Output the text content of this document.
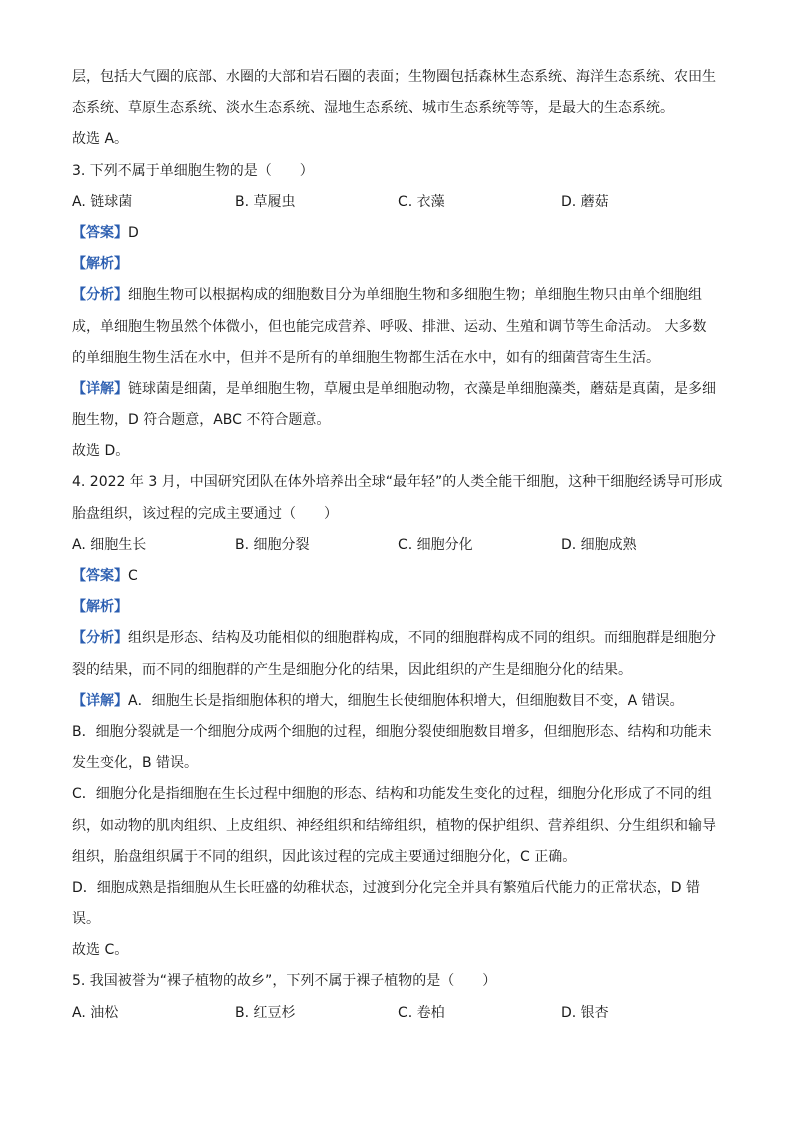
层，包括大气圈的底部、水圈的大部和岩石圈的表面；生物圈包括森林生态系统、海洋生态系统、农田生
态系统、草原生态系统、淡水生态系统、湿地生态系统、城市生态系统等等，是最大的生态系统。
故选 A。
3. 下列不属于单细胞生物的是（　　）
A. 链球菌	B. 草履虫	C. 衣藻	D. 蘑菇
【答案】D
【解析】
【分析】细胞生物可以根据构成的细胞数目分为单细胞生物和多细胞生物；单细胞生物只由单个细胞组
成，单细胞生物虽然个体微小，但也能完成营养、呼吸、排泄、运动、生殖和调节等生命活动。 大多数
的单细胞生物生活在水中，但并不是所有的单细胞生物都生活在水中，如有的细菌营寄生生活。
【详解】链球菌是细菌，是单细胞生物，草履虫是单细胞动物，衣藻是单细胞藻类，蘑菇是真菌，是多细
胞生物，D 符合题意，ABC 不符合题意。
故选 D。
4. 2022 年 3 月，中国研究团队在体外培养出全球“最年轻”的人类全能干细胞，这种干细胞经诱导可形成
胎盘组织，该过程的完成主要通过（　　）
A. 细胞生长	B. 细胞分裂	C. 细胞分化	D. 细胞成熟
【答案】C
【解析】
【分析】组织是形态、结构及功能相似的细胞群构成，不同的细胞群构成不同的组织。而细胞群是细胞分
裂的结果，而不同的细胞群的产生是细胞分化的结果，因此组织的产生是细胞分化的结果。
【详解】A．细胞生长是指细胞体积的增大，细胞生长使细胞体积增大，但细胞数目不变，A 错误。
B．细胞分裂就是一个细胞分成两个细胞的过程，细胞分裂使细胞数目增多，但细胞形态、结构和功能未
发生变化，B 错误。
C．细胞分化是指细胞在生长过程中细胞的形态、结构和功能发生变化的过程，细胞分化形成了不同的组
织，如动物的肌肉组织、上皮组织、神经组织和结缔组织，植物的保护组织、营养组织、分生组织和输导
组织，胎盘组织属于不同的组织，因此该过程的完成主要通过细胞分化，C 正确。
D．细胞成熟是指细胞从生长旺盛的幼稚状态，过渡到分化完全并具有繁殖后代能力的正常状态，D 错
误。
故选 C。
5. 我国被誉为“裸子植物的故乡”，下列不属于裸子植物的是（　　）
A. 油松	B. 红豆杉	C. 卷柏	D. 银杏
